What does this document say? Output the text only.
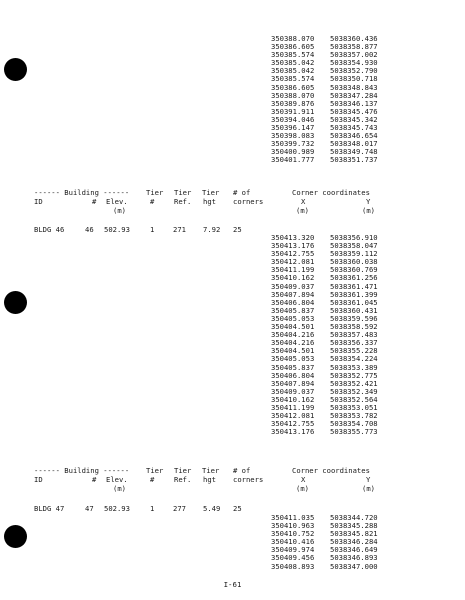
350388.070 5038360.436
350386.605 5038358.877
350385.574 5038357.002
350385.042 5038354.930
350385.042 5038352.790
350385.574 5038350.718
350386.605 5038348.843
350388.070 5038347.284
350389.876 5038346.137
350391.911 5038345.476
350394.046 5038345.342
350396.147 5038345.743
350398.083 5038346.654
350399.732 5038348.017
350400.989 5038349.748
350401.777 5038351.737
------ Building ------ Tier Tier Tier # of	Corner coordinates
ID	# Elev.	#	Ref. hgt corners	X	Y
(m)	(m)	(m)
BLDG 46	46 502.93	1	271 7.92 25
350413.320 5038356.910
350413.176 5038358.047
350412.755 5038359.112
350412.081 5038360.038
350411.199 5038360.769
350410.162 5038361.256
350409.037 5038361.471
350407.894 5038361.399
350406.804 5038361.045
350405.837 5038360.431
350405.053 5038359.596
350404.501 5038358.592
350404.216 5038357.483
350404.216 5038356.337
350404.501 5038355.228
350405.053 5038354.224
350405.837 5038353.389
350406.804 5038352.775
350407.894 5038352.421
350409.037 5038352.349
350410.162 5038352.564
350411.199 5038353.051
350412.081 5038353.782
350412.755 5038354.708
350413.176 5038355.773
------ Building ------ Tier Tier Tier # of	Corner coordinates
ID	# Elev.	#	Ref. hgt corners	X	Y
(m)	(m)	(m)
BLDG 47	47 502.93	1	277 5.49 25
350411.035 5038344.720
350410.963 5038345.288
350410.752 5038345.821
350410.416 5038346.284
350409.974 5038346.649
350409.456 5038346.893
350408.893 5038347.000
I-61
